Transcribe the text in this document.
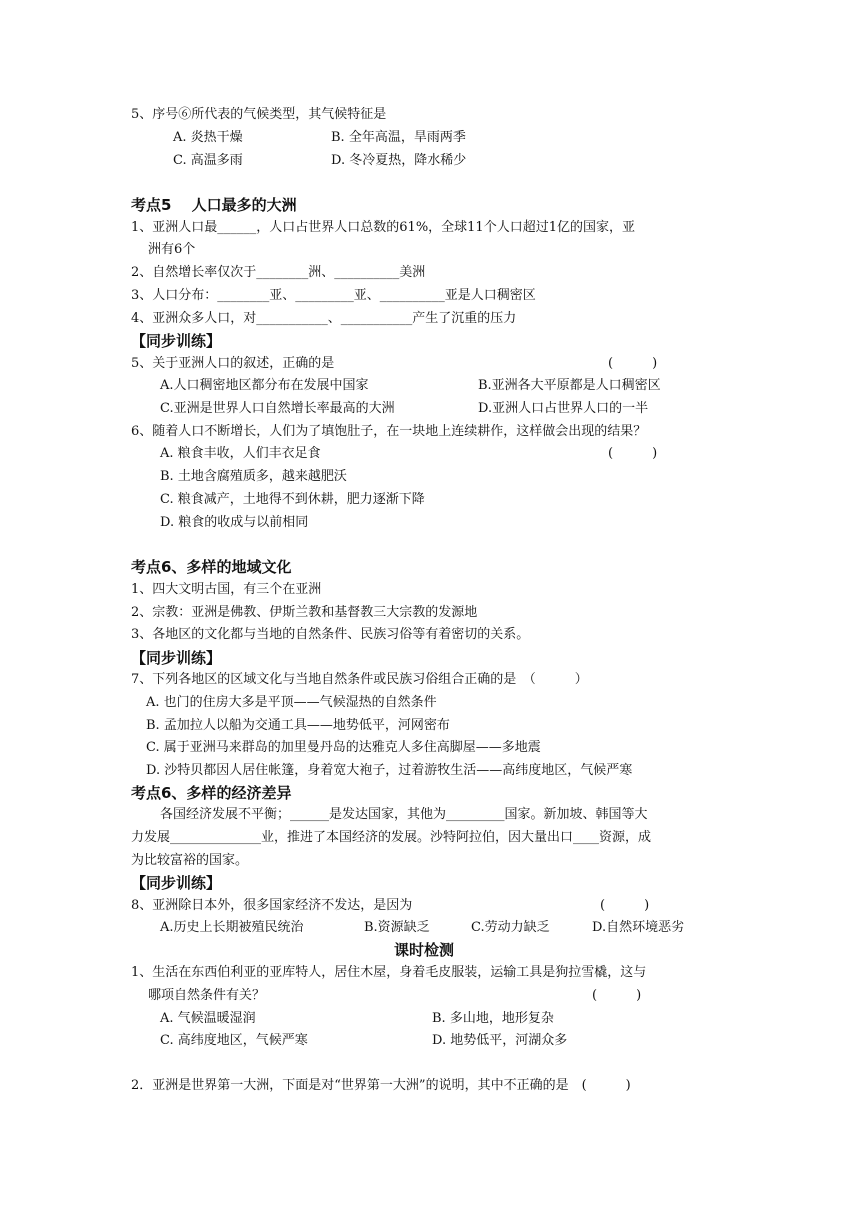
5、序号⑥所代表的气候类型，其气候特征是
A. 炎热干燥	B. 全年高温，旱雨两季
C. 高温多雨	D. 冬冷夏热，降水稀少
考点5 　人口最多的大洲
1、亚洲人口最______，人口占世界人口总数的61%，全球11个人口超过1亿的国家，亚
洲有6个
2、自然增长率仅次于________洲、__________美洲
3、人口分布：________亚、_________亚、__________亚是人口稠密区
4、亚洲众多人口，对___________、___________产生了沉重的压力
【同步训练】
5、关于亚洲人口的叙述，正确的是	(　　　)
A.人口稠密地区都分布在发展中国家	B.亚洲各大平原都是人口稠密区
C.亚洲是世界人口自然增长率最高的大洲	D.亚洲人口占世界人口的一半
6、随着人口不断增长，人们为了填饱肚子，在一块地上连续耕作，这样做会出现的结果？
(　　　)
A. 粮食丰收，人们丰衣足食
B. 土地含腐殖质多，越来越肥沃
C. 粮食减产，土地得不到休耕，肥力逐渐下降
D. 粮食的收成与以前相同
考点6、多样的地域文化
1、四大文明古国，有三个在亚洲
2、宗教：亚洲是佛教、伊斯兰教和基督教三大宗教的发源地
3、各地区的文化都与当地的自然条件、民族习俗等有着密切的关系。
【同步训练】
7、下列各地区的区域文化与当地自然条件或民族习俗组合正确的是　（　　　）
A. 也门的住房大多是平顶——气候湿热的自然条件
B. 孟加拉人以船为交通工具——地势低平，河网密布
C. 属于亚洲马来群岛的加里曼丹岛的达雅克人多住高脚屋——多地震
D. 沙特贝都因人居住帐篷，身着宽大袍子，过着游牧生活——高纬度地区，气候严寒
考点6、多样的经济差异
各国经济发展不平衡；______是发达国家，其他为_________国家。新加坡、韩国等大
力发展______________业，推进了本国经济的发展。沙特阿拉伯，因大量出口____资源，成
为比较富裕的国家。
【同步训练】
8、亚洲除日本外，很多国家经济不发达，是因为	(　　　)
A.历史上长期被殖民统治	B.资源缺乏	C.劳动力缺乏	D.自然环境恶劣
课时检测
1、生活在东西伯利亚的亚库特人，居住木屋，身着毛皮服装，运输工具是狗拉雪橇，这与
哪项自然条件有关？	(　　　)
A. 气候温暖湿润	B. 多山地，地形复杂
C. 高纬度地区，气候严寒	D. 地势低平，河湖众多
2．亚洲是世界第一大洲，下面是对“世界第一大洲”的说明，其中不正确的是　(　　　)
